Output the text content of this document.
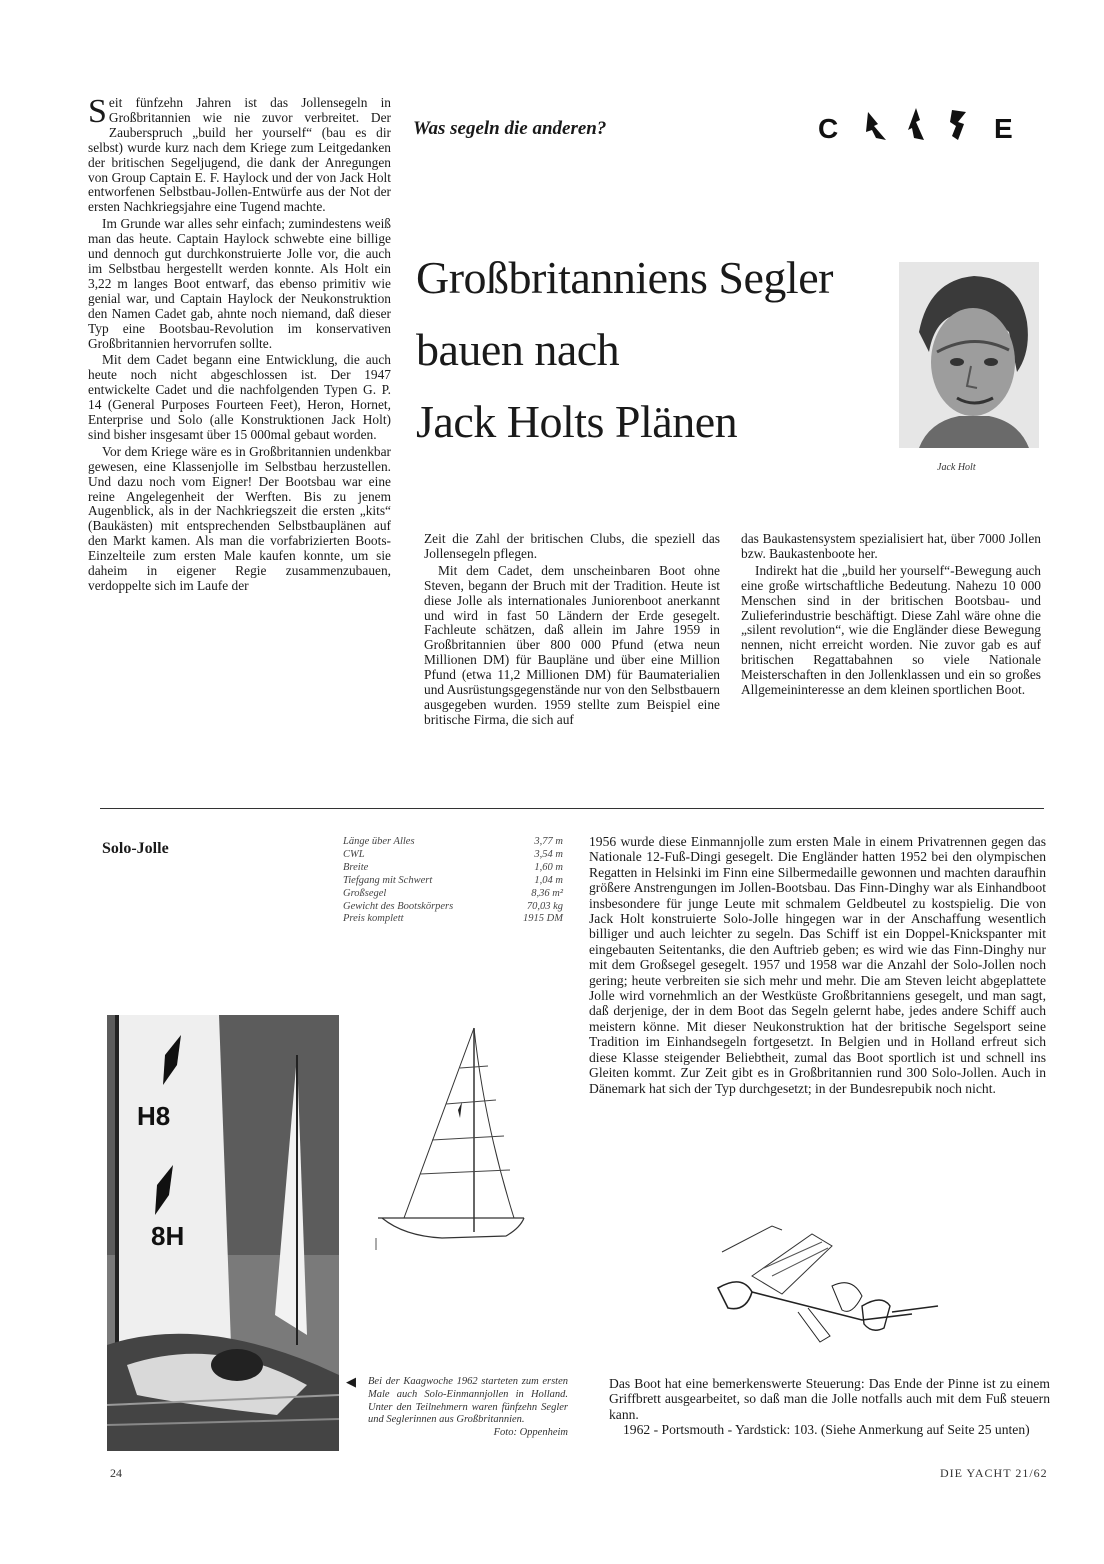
Was segeln die anderen?	C	E
C L A S S E
Großbritanniens Segler
bauen nach
Jack Holts Plänen
Jack Holt

Seit fünfzehn Jahren ist das Jollensegeln in Großbritannien wie nie zuvor verbreitet. Der Zauberspruch „build her yourself“ (bau es dir selbst) wurde kurz nach dem Kriege zum Leitgedanken der britischen Segeljugend, die dank der Anregungen von Group Captain E. F. Haylock und der von Jack Holt entworfenen Selbstbau-Jollen-Entwürfe aus der Not der ersten Nachkriegsjahre eine Tugend machte.

Im Grunde war alles sehr einfach; zumindestens weiß man das heute. Captain Haylock schwebte eine billige und dennoch gut durchkonstruierte Jolle vor, die auch im Selbstbau hergestellt werden konnte. Als Holt ein 3,22 m langes Boot entwarf, das ebenso primitiv wie genial war, und Captain Haylock der Neukonstruktion den Namen Cadet gab, ahnte noch niemand, daß dieser Typ eine Bootsbau-Revolution im konservativen Großbritannien hervorrufen sollte.

Mit dem Cadet begann eine Entwicklung, die auch heute noch nicht abgeschlossen ist. Der 1947 entwickelte Cadet und die nachfolgenden Typen G. P. 14 (General Purposes Fourteen Feet), Heron, Hornet, Enterprise und Solo (alle Konstruktionen Jack Holt) sind bisher insgesamt über 15 000mal gebaut worden.

Vor dem Kriege wäre es in Großbritannien undenkbar gewesen, eine Klassenjolle im Selbstbau herzustellen. Und dazu noch vom Eigner! Der Bootsbau war eine reine Angelegenheit der Werften. Bis zu jenem Augenblick, als in der Nachkriegszeit die ersten „kits“ (Baukästen) mit entsprechenden Selbstbauplänen auf den Markt kamen. Als man die vorfabrizierten Boots-Einzelteile zum ersten Male kaufen konnte, um sie daheim in eigener Regie zusammenzubauen, verdoppelte sich im Laufe der

Zeit die Zahl der britischen Clubs, die speziell das Jollensegeln pflegen.

Mit dem Cadet, dem unscheinbaren Boot ohne Steven, begann der Bruch mit der Tradition. Heute ist diese Jolle als internationales Juniorenboot anerkannt und wird in fast 50 Ländern der Erde gesegelt. Fachleute schätzen, daß allein im Jahre 1959 in Großbritannien über 800 000 Pfund (etwa neun Millionen DM) für Baupläne und über eine Million Pfund (etwa 11,2 Millionen DM) für Baumaterialien und Ausrüstungsgegenstände nur von den Selbstbauern ausgegeben wurden. 1959 stellte zum Beispiel eine britische Firma, die sich auf

das Baukastensystem spezialisiert hat, über 7000 Jollen bzw. Baukastenboote her.

Indirekt hat die „build her yourself“-Bewegung auch eine große wirtschaftliche Bedeutung. Nahezu 10 000 Menschen sind in der britischen Bootsbau- und Zulieferindustrie beschäftigt. Diese Zahl wäre ohne die „silent revolution“, wie die Engländer diese Bewegung nennen, nicht erreicht worden. Nie zuvor gab es auf britischen Regattabahnen so viele Nationale Meisterschaften in den Jollenklassen und ein so großes Allgemeininteresse an dem kleinen sportlichen Boot.

Solo-Jolle	Länge über Alles	3,77 m
CWL	3,54 m
Breite	1,60 m
Tiefgang mit Schwert	1,04 m
Großsegel	8,36 m²
Gewicht des Bootskörpers	70,03 kg
Preis komplett	1915 DM

1956 wurde diese Einmannjolle zum ersten Male in einem Privatrennen gegen das Nationale 12-Fuß-Dingi gesegelt. Die Engländer hatten 1952 bei den olympischen Regatten in Helsinki im Finn eine Silbermedaille gewonnen und machten daraufhin größere Anstrengungen im Jollen-Bootsbau. Das Finn-Dinghy war als Einhandboot insbesondere für junge Leute mit schmalem Geldbeutel zu kostspielig. Die von Jack Holt konstruierte Solo-Jolle hingegen war in der Anschaffung wesentlich billiger und auch leichter zu segeln. Das Schiff ist ein Doppel-Knickspanter mit eingebauten Seitentanks, die den Auftrieb geben; es wird wie das Finn-Dinghy nur mit dem Großsegel gesegelt. 1957 und 1958 war die Anzahl der Solo-Jollen noch gering; heute verbreiten sie sich mehr und mehr. Die am Steven leicht abgeplattete Jolle wird vornehmlich an der Westküste Großbritanniens gesegelt, und man sagt, daß derjenige, der in dem Boot das Segeln gelernt habe, jedes andere Schiff auch meistern könne. Mit dieser Neukonstruktion hat der britische Segelsport seine Tradition im Einhandsegeln fortgesetzt. In Belgien und in Holland erfreut sich diese Klasse steigender Beliebtheit, zumal das Boot sportlich ist und schnell ins Gleiten kommt. Zur Zeit gibt es in Großbritannien rund 300 Solo-Jollen. Auch in Dänemark hat sich der Typ durchgesetzt; in der Bundesrepubik noch nicht.

H8
8H
◀ Bei der Kaagwoche 1962 starteten zum ersten Male auch Solo-Einmannjollen in Holland. Unter den Teilnehmern waren fünfzehn Segler und Seglerinnen aus Großbritannien.
Foto: Oppenheim

Das Boot hat eine bemerkenswerte Steuerung: Das Ende der Pinne ist zu einem Griffbrett ausgearbeitet, so daß man die Jolle notfalls auch mit dem Fuß steuern kann.

1962 - Portsmouth - Yardstick: 103. (Siehe Anmerkung auf Seite 25 unten)

24	DIE YACHT 21/62
